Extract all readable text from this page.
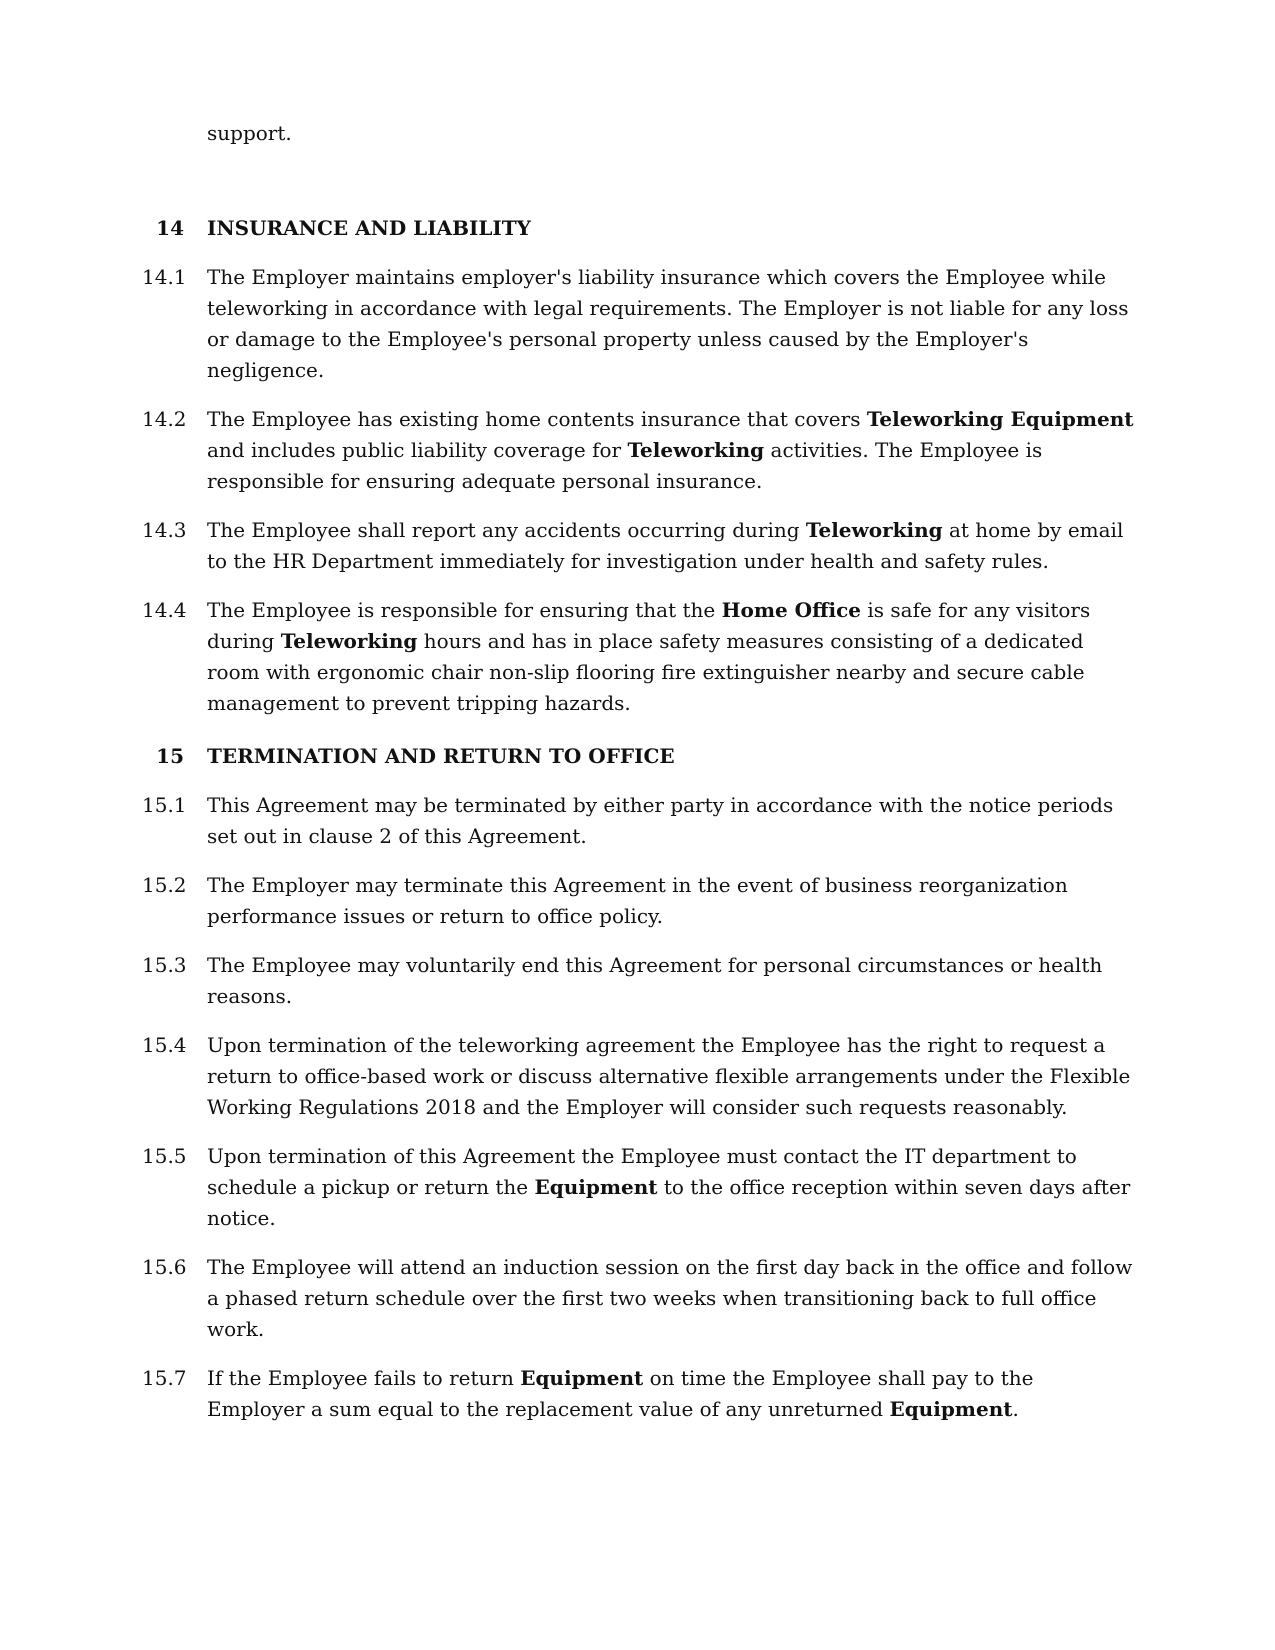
support.

14 INSURANCE AND LIABILITY
14.1 The Employer maintains employer's liability insurance which covers the Employee while teleworking in accordance with legal requirements. The Employer is not liable for any loss or damage to the Employee's personal property unless caused by the Employer's negligence.
14.2 The Employee has existing home contents insurance that covers Teleworking Equipment and includes public liability coverage for Teleworking activities. The Employee is responsible for ensuring adequate personal insurance.
14.3 The Employee shall report any accidents occurring during Teleworking at home by email to the HR Department immediately for investigation under health and safety rules.
14.4 The Employee is responsible for ensuring that the Home Office is safe for any visitors during Teleworking hours and has in place safety measures consisting of a dedicated room with ergonomic chair non-slip flooring fire extinguisher nearby and secure cable management to prevent tripping hazards.
15 TERMINATION AND RETURN TO OFFICE
15.1 This Agreement may be terminated by either party in accordance with the notice periods set out in clause 2 of this Agreement.
15.2 The Employer may terminate this Agreement in the event of business reorganization performance issues or return to office policy.
15.3 The Employee may voluntarily end this Agreement for personal circumstances or health reasons.
15.4 Upon termination of the teleworking agreement the Employee has the right to request a return to office-based work or discuss alternative flexible arrangements under the Flexible Working Regulations 2018 and the Employer will consider such requests reasonably.
15.5 Upon termination of this Agreement the Employee must contact the IT department to schedule a pickup or return the Equipment to the office reception within seven days after notice.
15.6 The Employee will attend an induction session on the first day back in the office and follow a phased return schedule over the first two weeks when transitioning back to full office work.
15.7 If the Employee fails to return Equipment on time the Employee shall pay to the Employer a sum equal to the replacement value of any unreturned Equipment.
